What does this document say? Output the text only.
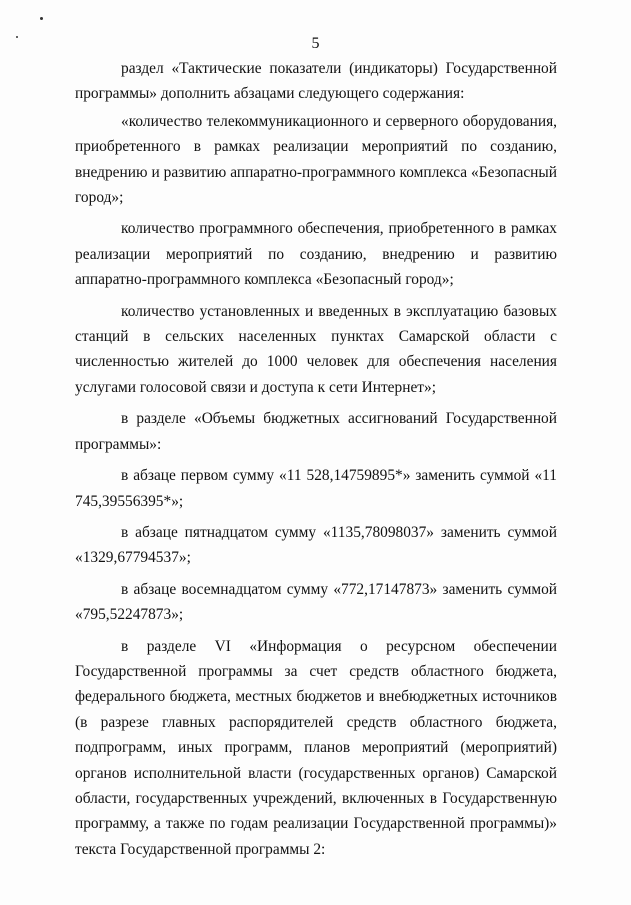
5

раздел «Тактические показатели (индикаторы) Государственной программы» дополнить абзацами следующего содержания:

«количество телекоммуникационного и серверного оборудования, приобретенного в рамках реализации мероприятий по созданию, внедрению и развитию аппаратно-программного комплекса «Безопасный город»;

количество программного обеспечения, приобретенного в рамках реализации мероприятий по созданию, внедрению и развитию аппаратно-программного комплекса «Безопасный город»;

количество установленных и введенных в эксплуатацию базовых станций в сельских населенных пунктах Самарской области с численностью жителей до 1000 человек для обеспечения населения услугами голосовой связи и доступа к сети Интернет»;

в разделе «Объемы бюджетных ассигнований Государственной программы»:

в абзаце первом сумму «11 528,14759895*» заменить суммой «11 745,39556395*»;

в абзаце пятнадцатом сумму «1135,78098037» заменить суммой «1329,67794537»;

в абзаце восемнадцатом сумму «772,17147873» заменить суммой «795,52247873»;

в разделе VI «Информация о ресурсном обеспечении Государственной программы за счет средств областного бюджета, федерального бюджета, местных бюджетов и внебюджетных источников (в разрезе главных распорядителей средств областного бюджета, подпрограмм, иных программ, планов мероприятий (мероприятий) органов исполнительной власти (государственных органов) Самарской области, государственных учреждений, включенных в Государственную программу, а также по годам реализации Государственной программы)» текста Государственной программы 2:
